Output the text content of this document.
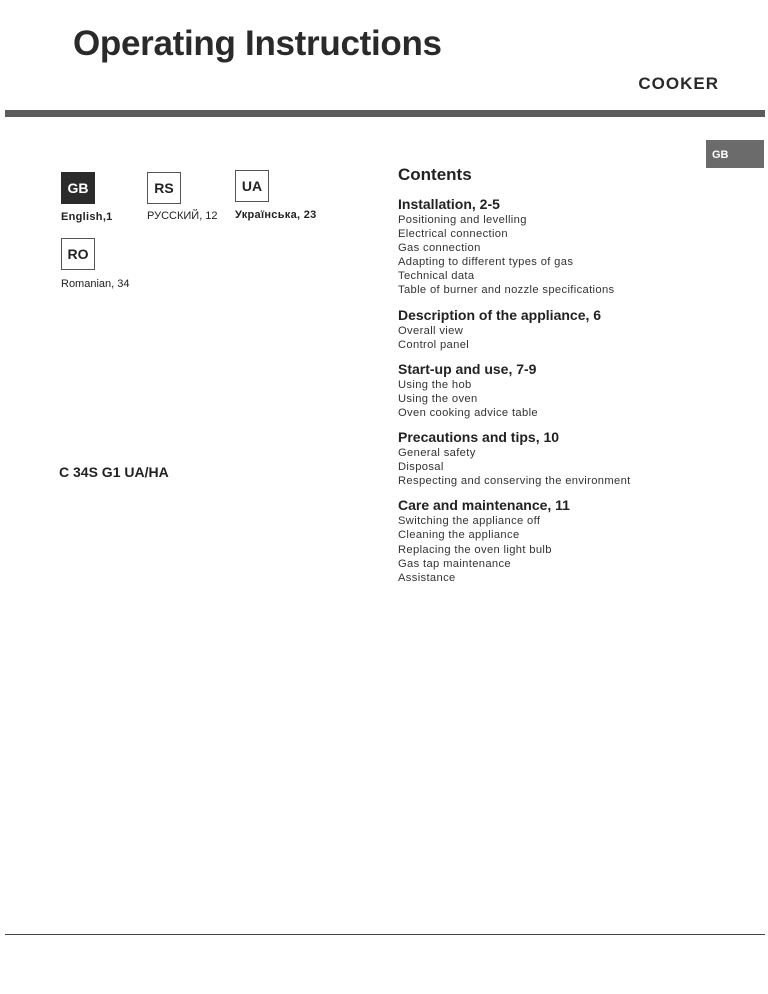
Operating Instructions
COOKER
GB
GB
English,1
RS
РУССКИЙ, 12
UA
Українська, 23
RO
Romanian, 34
C 34S G1 UA/HA
Contents
Installation, 2-5
Positioning and levelling
Electrical connection
Gas connection
Adapting to different types of gas
Technical data
Table of burner and nozzle specifications
Description of the appliance, 6
Overall view
Control panel
Start-up and use, 7-9
Using the hob
Using the oven
Oven cooking advice table
Precautions and tips, 10
General safety
Disposal
Respecting and conserving the environment
Care and maintenance, 11
Switching the appliance off
Cleaning the appliance
Replacing the oven light bulb
Gas tap maintenance
Assistance
